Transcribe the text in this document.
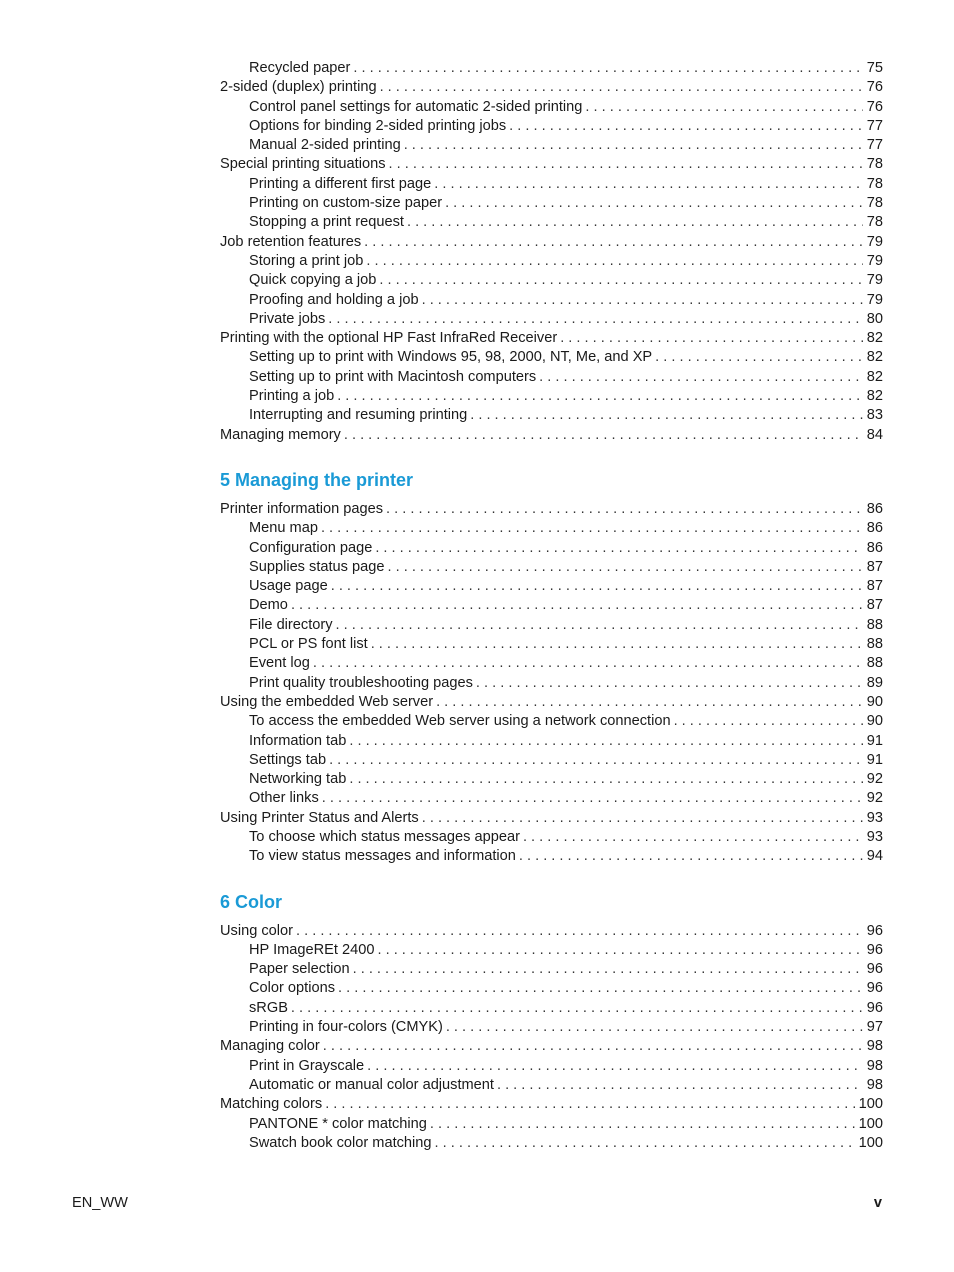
Recycled paper . . .	75
2-sided (duplex) printing . . .	76
Control panel settings for automatic 2-sided printing . . .	76
Options for binding 2-sided printing jobs . . .	77
Manual 2-sided printing . . .	77
Special printing situations . . .	78
Printing a different first page . . .	78
Printing on custom-size paper . . .	78
Stopping a print request . . .	78
Job retention features . . .	79
Storing a print job . . .	79
Quick copying a job . . .	79
Proofing and holding a job . . .	79
Private jobs . . .	80
Printing with the optional HP Fast InfraRed Receiver . . .	82
Setting up to print with Windows 95, 98, 2000, NT, Me, and XP . . .	82
Setting up to print with Macintosh computers . . .	82
Printing a job . . .	82
Interrupting and resuming printing . . .	83
Managing memory . . .	84
5 Managing the printer
Printer information pages . . .	86
Menu map . . .	86
Configuration page . . .	86
Supplies status page . . .	87
Usage page . . .	87
Demo . . .	87
File directory . . .	88
PCL or PS font list . . .	88
Event log . . .	88
Print quality troubleshooting pages . . .	89
Using the embedded Web server . . .	90
To access the embedded Web server using a network connection . . .	90
Information tab . . .	91
Settings tab . . .	91
Networking tab . . .	92
Other links . . .	92
Using Printer Status and Alerts . . .	93
To choose which status messages appear . . .	93
To view status messages and information . . .	94
6 Color
Using color . . .	96
HP ImageREt 2400 . . .	96
Paper selection . . .	96
Color options . . .	96
sRGB . . .	96
Printing in four-colors (CMYK) . . .	97
Managing color . . .	98
Print in Grayscale . . .	98
Automatic or manual color adjustment . . .	98
Matching colors . . .	100
PANTONE * color matching . . .	100
Swatch book color matching . . .	100
EN_WW	v
